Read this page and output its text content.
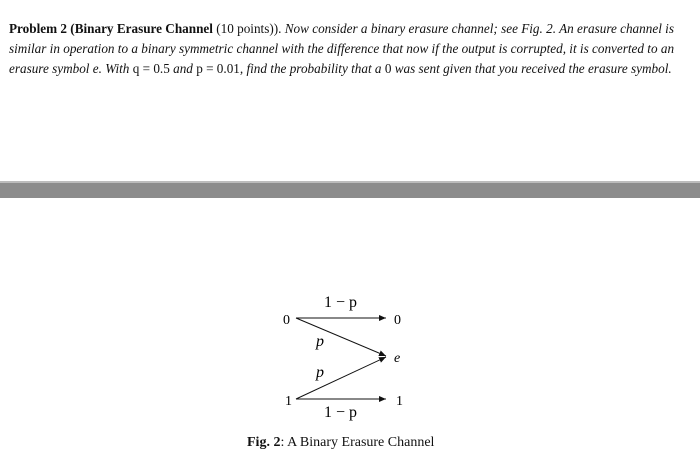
Problem 2 (Binary Erasure Channel (10 points)). Now consider a binary erasure channel; see Fig. 2. An erasure channel is similar in operation to a binary symmetric channel with the difference that now if the output is corrupted, it is converted to an erasure symbol e. With q = 0.5 and p = 0.01, find the probability that a 0 was sent given that you received the erasure symbol.
0
1
0
e
1
1 − p
p
p
1 − p
Fig. 2: A Binary Erasure Channel
